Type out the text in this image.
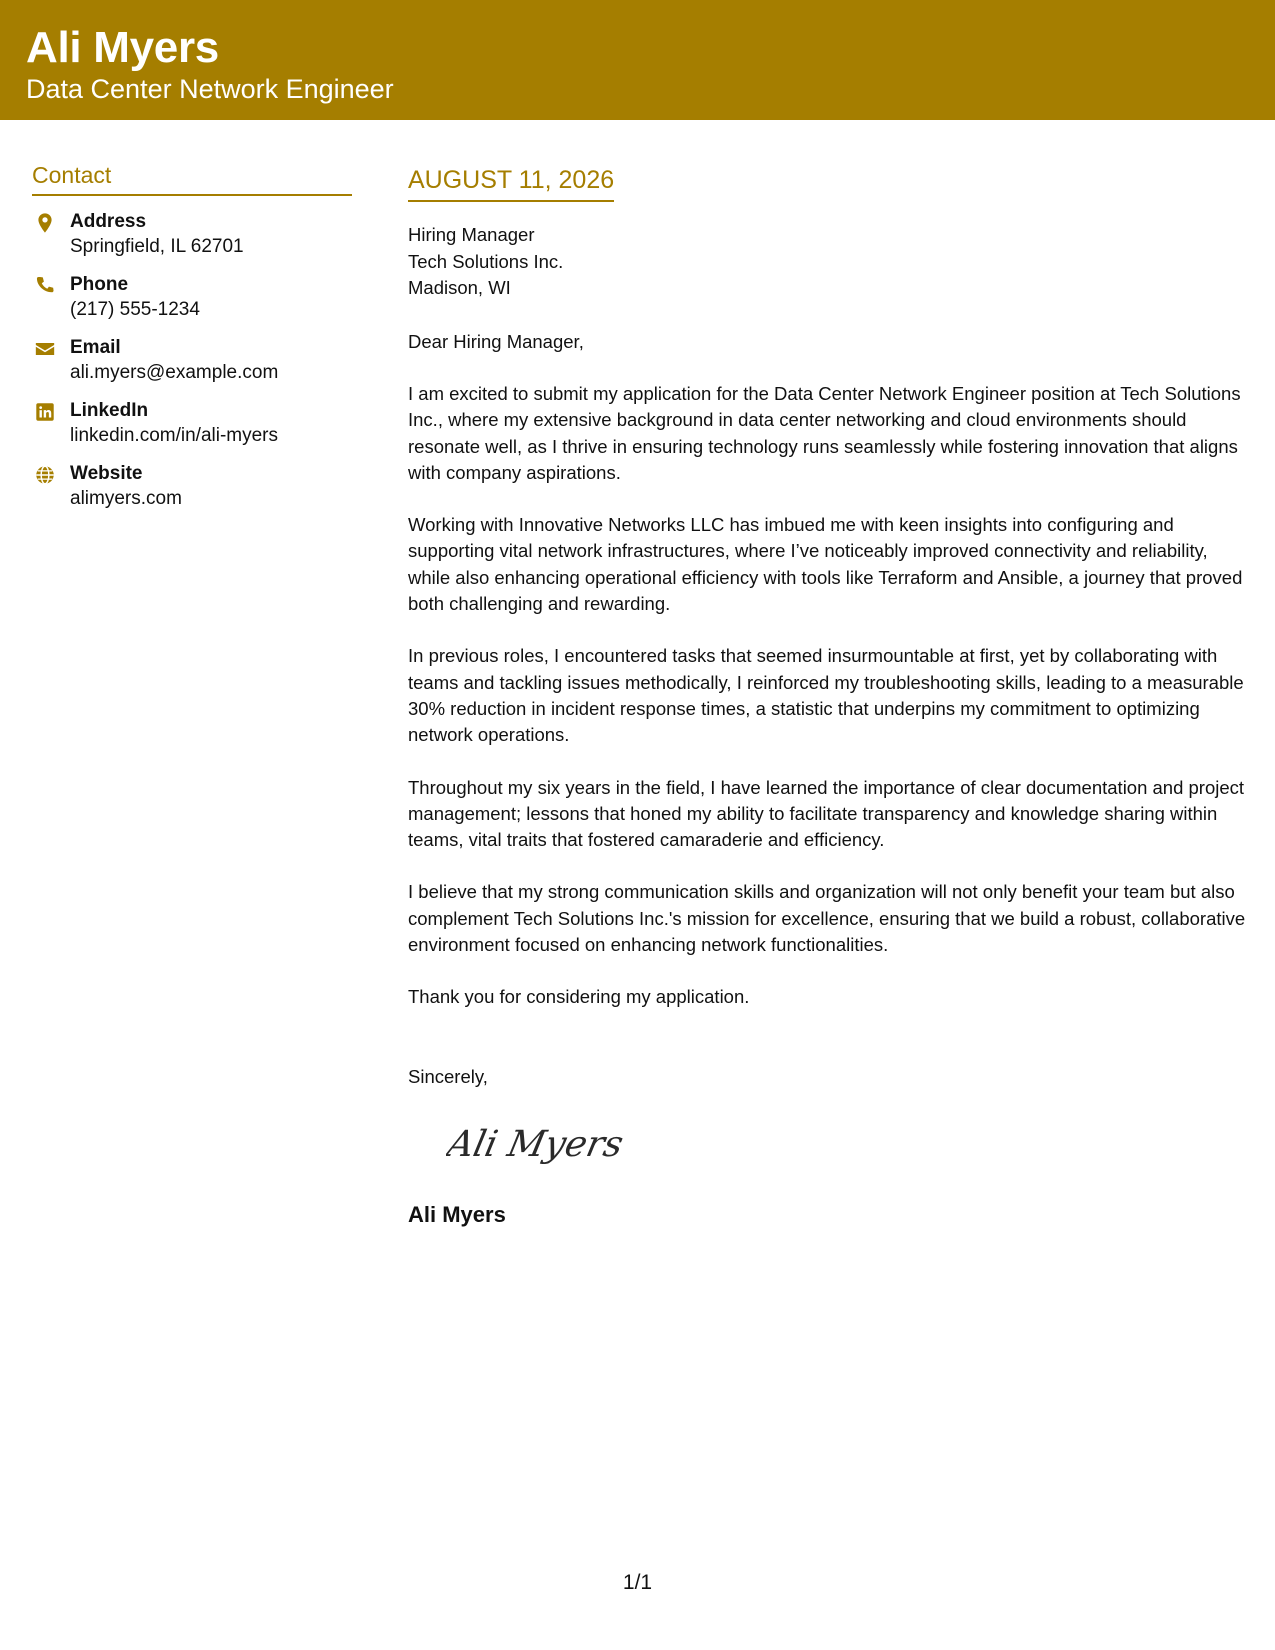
Ali Myers
Data Center Network Engineer
Contact
Address
Springfield, IL 62701
Phone
(217) 555-1234
Email
ali.myers@example.com
LinkedIn
linkedin.com/in/ali-myers
Website
alimyers.com
AUGUST 11, 2026
Hiring Manager
Tech Solutions Inc.
Madison, WI
Dear Hiring Manager,
I am excited to submit my application for the Data Center Network Engineer position at Tech Solutions Inc., where my extensive background in data center networking and cloud environments should resonate well, as I thrive in ensuring technology runs seamlessly while fostering innovation that aligns with company aspirations.
Working with Innovative Networks LLC has imbued me with keen insights into configuring and supporting vital network infrastructures, where I’ve noticeably improved connectivity and reliability, while also enhancing operational efficiency with tools like Terraform and Ansible, a journey that proved both challenging and rewarding.
In previous roles, I encountered tasks that seemed insurmountable at first, yet by collaborating with teams and tackling issues methodically, I reinforced my troubleshooting skills, leading to a measurable 30% reduction in incident response times, a statistic that underpins my commitment to optimizing network operations.
Throughout my six years in the field, I have learned the importance of clear documentation and project management; lessons that honed my ability to facilitate transparency and knowledge sharing within teams, vital traits that fostered camaraderie and efficiency.
I believe that my strong communication skills and organization will not only benefit your team but also complement Tech Solutions Inc.'s mission for excellence, ensuring that we build a robust, collaborative environment focused on enhancing network functionalities.
Thank you for considering my application.
Sincerely,
Ali Myers
Ali Myers
1/1
